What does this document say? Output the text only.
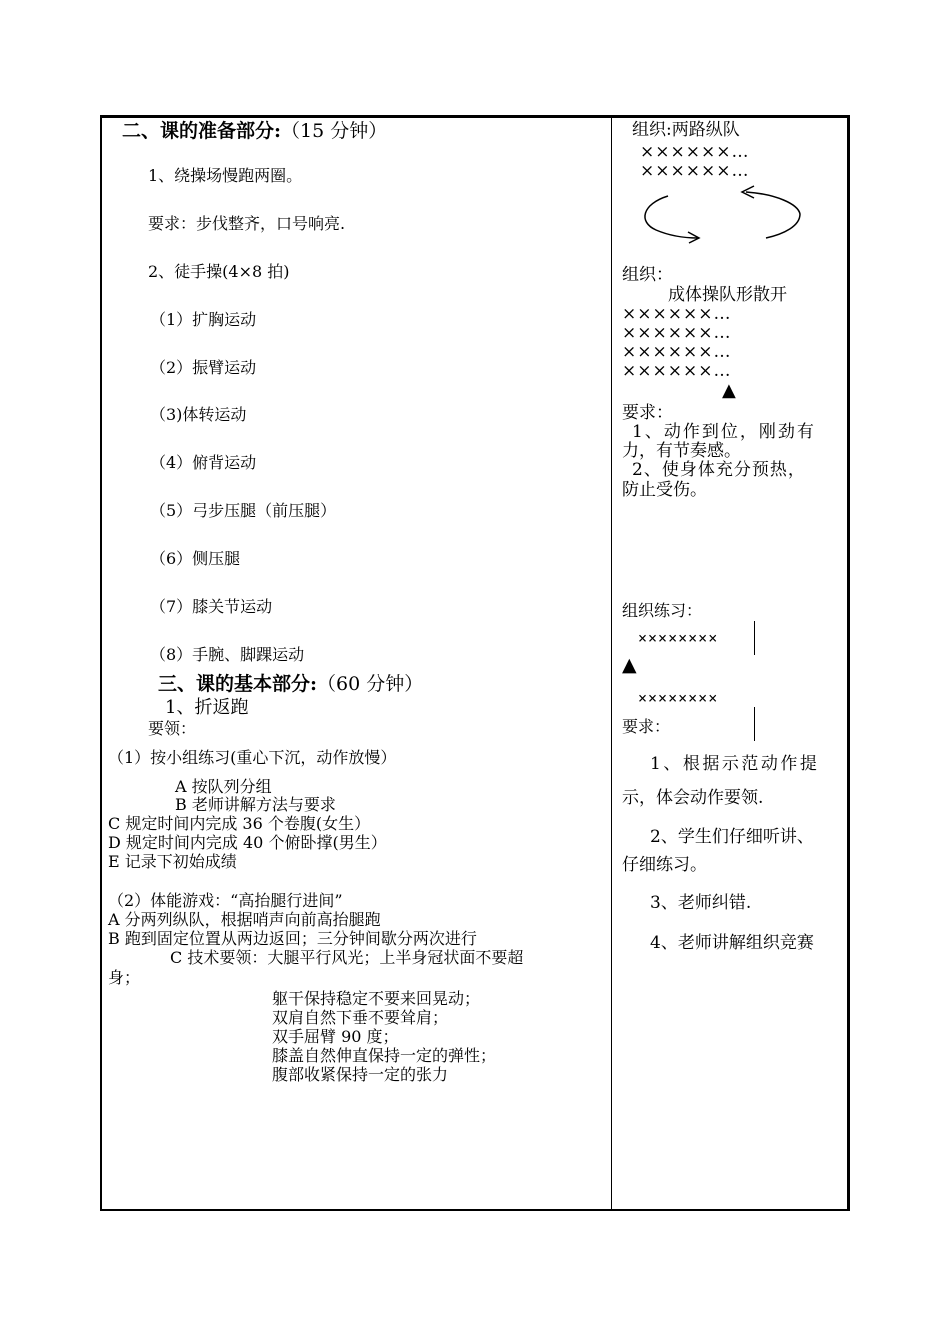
二、课的准备部分:（15 分钟）
1、绕操场慢跑两圈。
要求：步伐整齐，口号响亮.
2、徒手操(4×8 拍)
（1）扩胸运动
（2）振臂运动
（3)体转运动
（4）俯背运动
（5）弓步压腿（前压腿）
（6）侧压腿
（7）膝关节运动
（8）手腕、脚踝运动
三、课的基本部分:（60 分钟）
1、折返跑
要领：
（1）按小组练习(重心下沉，动作放慢）
A 按队列分组
B 老师讲解方法与要求
C 规定时间内完成 36 个卷腹(女生）
D 规定时间内完成 40 个俯卧撑(男生）
E 记录下初始成绩
（2）体能游戏：“高抬腿行进间”
A 分两列纵队，根据哨声向前高抬腿跑
B 跑到固定位置从两边返回；三分钟间歇分两次进行
C 技术要领：大腿平行风光；上半身冠状面不要超
身；
躯干保持稳定不要来回晃动；
双肩自然下垂不要耸肩；
双手屈臂 90 度；
膝盖自然伸直保持一定的弹性；
腹部收紧保持一定的张力
组织:两路纵队
××××××…
××××××…
组织：
成体操队形散开
××××××…
××××××…
××××××…
××××××…
▲
要求：
1、动作到位，刚劲有
力，有节奏感。
2、使身体充分预热，
防止受伤。
组织练习：
××××××××
▲
××××××××
要求：
1、根据示范动作提
示，体会动作要领.
2、学生们仔细听讲、
仔细练习。
3、老师纠错.
4、老师讲解组织竞赛
